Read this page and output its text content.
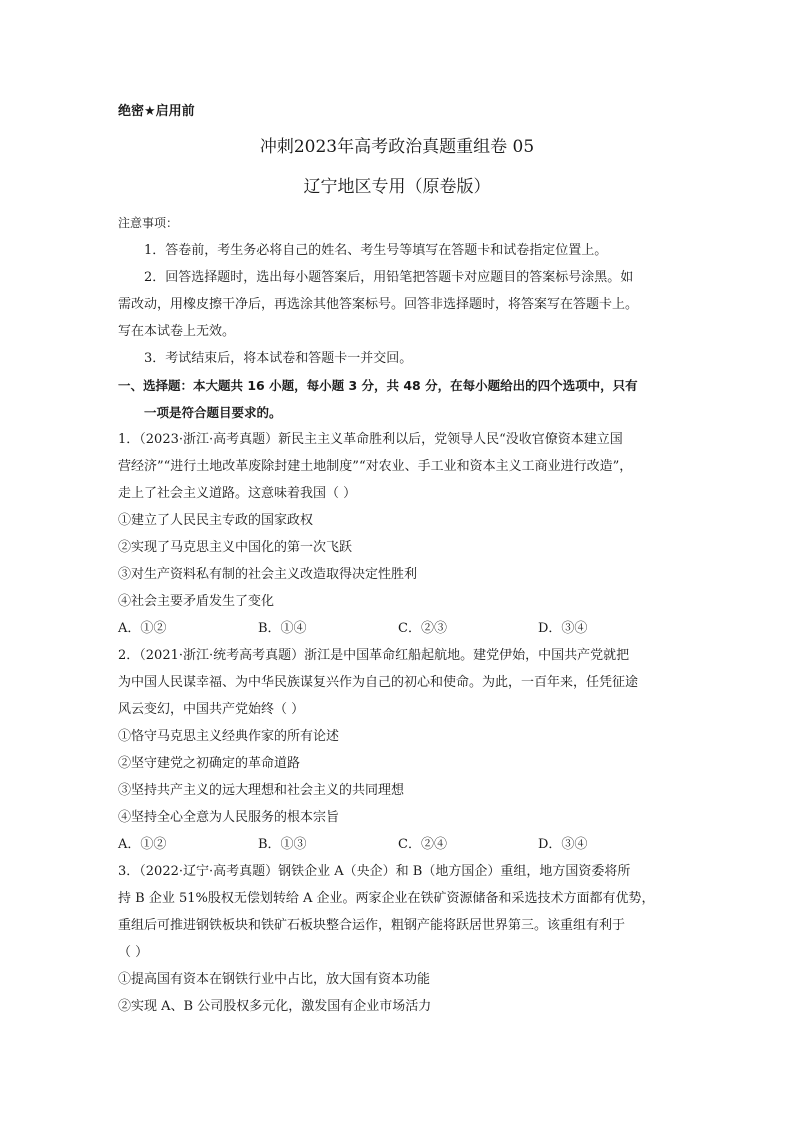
绝密★启用前
冲刺2023年高考政治真题重组卷 05
辽宁地区专用（原卷版）
注意事项：
1．答卷前，考生务必将自己的姓名、考生号等填写在答题卡和试卷指定位置上。
2．回答选择题时，选出每小题答案后，用铅笔把答题卡对应题目的答案标号涂黑。如
需改动，用橡皮擦干净后，再选涂其他答案标号。回答非选择题时，将答案写在答题卡上。
写在本试卷上无效。
3．考试结束后，将本试卷和答题卡一并交回。
一、选择题：本大题共 16 小题，每小题 3 分，共 48 分，在每小题给出的四个选项中，只有
一项是符合题目要求的。
1．（2023·浙江·高考真题）新民主主义革命胜利以后，党领导人民“没收官僚资本建立国
营经济”“进行土地改革废除封建土地制度”“对农业、手工业和资本主义工商业进行改造”，
走上了社会主义道路。这意味着我国（ ）
①建立了人民民主专政的国家政权
②实现了马克思主义中国化的第一次飞跃
③对生产资料私有制的社会主义改造取得决定性胜利
④社会主要矛盾发生了变化
A．①②	B．①④	C．②③	D．③④
2．（2021·浙江·统考高考真题）浙江是中国革命红船起航地。建党伊始，中国共产党就把
为中国人民谋幸福、为中华民族谋复兴作为自己的初心和使命。为此，一百年来，任凭征途
风云变幻，中国共产党始终（ ）
①恪守马克思主义经典作家的所有论述
②坚守建党之初确定的革命道路
③坚持共产主义的远大理想和社会主义的共同理想
④坚持全心全意为人民服务的根本宗旨
A．①②	B．①③	C．②④	D．③④
3．（2022·辽宁·高考真题）钢铁企业 A（央企）和 B（地方国企）重组，地方国资委将所
持 B 企业 51%股权无偿划转给 A 企业。两家企业在铁矿资源储备和采选技术方面都有优势，
重组后可推进钢铁板块和铁矿石板块整合运作，粗钢产能将跃居世界第三。该重组有利于
（ ）
①提高国有资本在钢铁行业中占比，放大国有资本功能
②实现 A、B 公司股权多元化，激发国有企业市场活力
